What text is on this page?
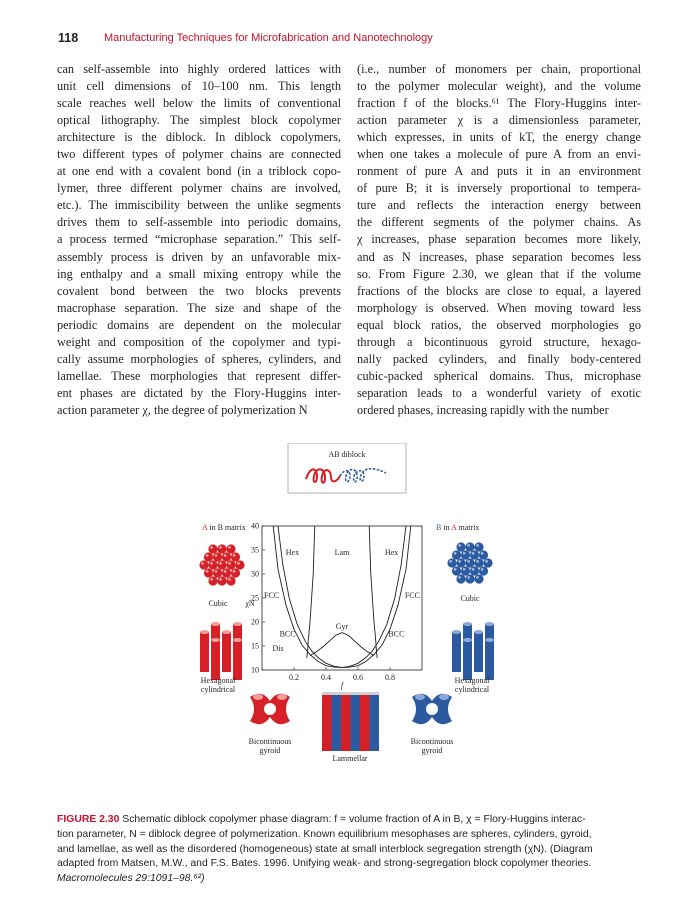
118 Manufacturing Techniques for Microfabrication and Nanotechnology
can self-assemble into highly ordered lattices with
unit cell dimensions of 10–100 nm. This length
scale reaches well below the limits of conventional
optical lithography. The simplest block copolymer
architecture is the diblock. In diblock copolymers,
two different types of polymer chains are connected
at one end with a covalent bond (in a triblock copo-
lymer, three different polymer chains are involved,
etc.). The immiscibility between the unlike segments
drives them to self-assemble into periodic domains,
a process termed “microphase separation.” This self-
assembly process is driven by an unfavorable mix-
ing enthalpy and a small mixing entropy while the
covalent bond between the two blocks prevents
macrophase separation. The size and shape of the
periodic domains are dependent on the molecular
weight and composition of the copolymer and typi-
cally assume morphologies of spheres, cylinders, and
lamellae. These morphologies that represent differ-
ent phases are dictated by the Flory-Huggins inter-
action parameter χ, the degree of polymerization N
(i.e., number of monomers per chain, proportional
to the polymer molecular weight), and the volume
fraction f of the blocks.⁶¹ The Flory-Huggins inter-
action parameter χ is a dimensionless parameter,
which expresses, in units of kT, the energy change
when one takes a molecule of pure A from an envi-
ronment of pure A and puts it in an environment
of pure B; it is inversely proportional to tempera-
ture and reflects the interaction energy between
the different segments of the polymer chains. As
χ increases, phase separation becomes more likely,
and as N increases, phase separation becomes less
so. From Figure 2.30, we glean that if the volume
fractions of the blocks are close to equal, a layered
morphology is observed. When moving toward less
equal block ratios, the observed morphologies go
through a bicontinuous gyroid structure, hexago-
nally packed cylinders, and finally body-centered
cubic-packed spherical domains. Thus, microphase
separation leads to a wonderful variety of exotic
ordered phases, increasing rapidly with the number
AB diblock
A in B matrix	B in A matrix
Cubic
Hexagonal
cylindrical
Cubic
Hexagonal
cylindrical
10
15
20
25
30
35
40
0.2	0.4	0.6	0.8
χN
f
Hex	Lam	Hex
FCC	FCC
BCC	BCC
Dis
Gyr
Bicontinuous
gyroid
Lammellar
Bicontinuous
gyroid
FIGURE 2.30 Schematic diblock copolymer phase diagram: f = volume fraction of A in B, χ = Flory-Huggins interac-
tion parameter, N = diblock degree of polymerization. Known equilibrium mesophases are spheres, cylinders, gyroid,
and lamellae, as well as the disordered (homogeneous) state at small interblock segregation strength (χN). (Diagram
adapted from Matsen, M.W., and F.S. Bates. 1996. Unifying weak- and strong-segregation block copolymer theories.
Macromolecules 29:1091–98.⁶²)
